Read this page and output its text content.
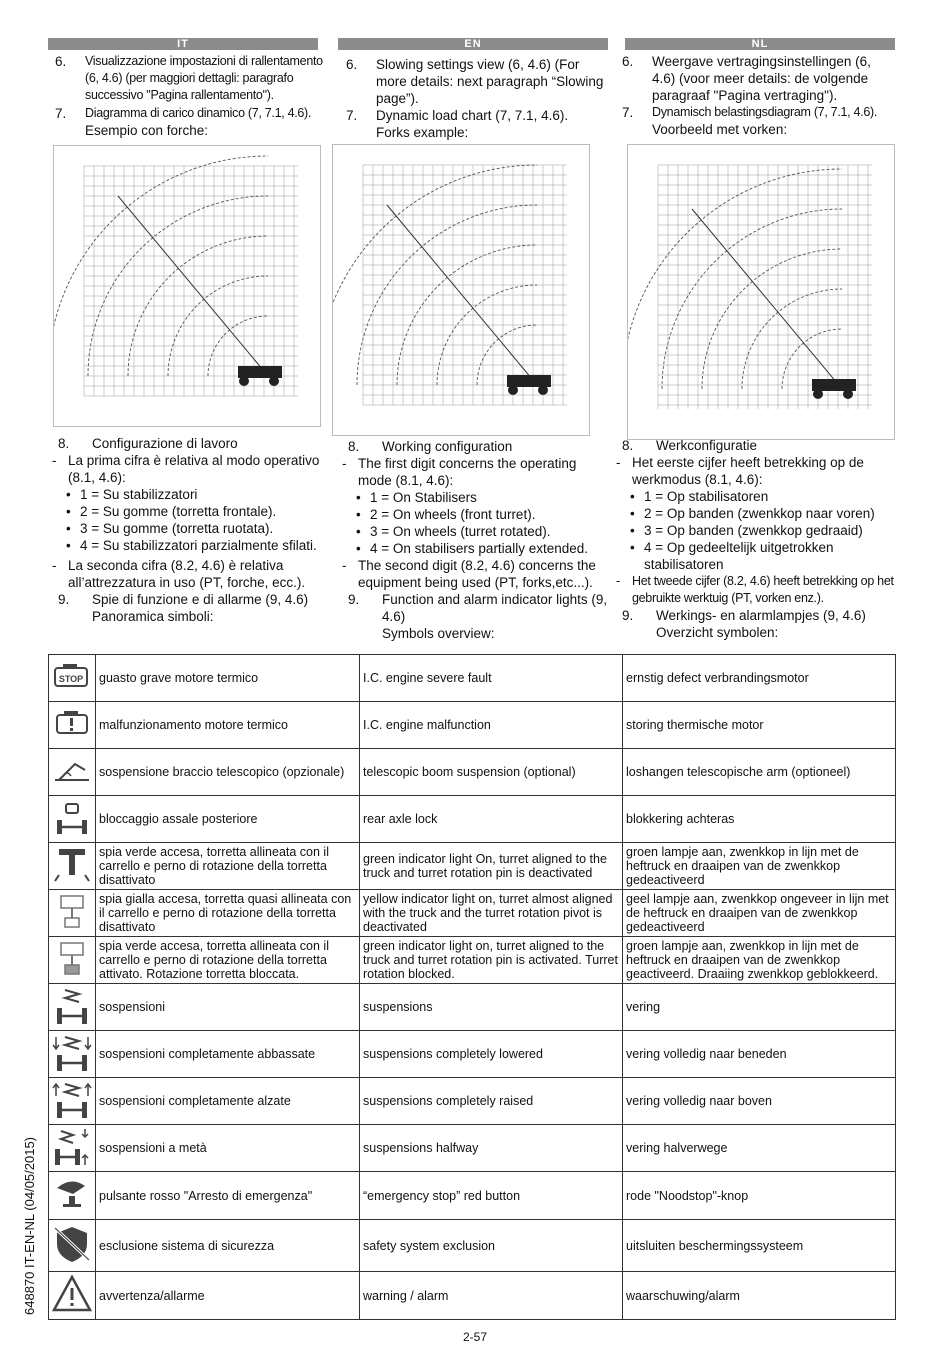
IT	EN	NL
6.	Visualizzazione impostazioni di rallentamento (6, 4.6) (per maggiori dettagli: paragrafo successivo "Pagina rallentamento").
7.	Diagramma di carico dinamico (7, 7.1, 4.6).
Esempio con forche:
6.	Slowing settings view (6, 4.6) (For more details: next paragraph “Slowing page”).
7.	Dynamic load chart (7, 7.1, 4.6).
Forks example:
6.	Weergave vertragingsinstellingen (6, 4.6) (voor meer details: de volgende paragraaf "Pagina vertraging").
7.	Dynamisch belastingsdiagram (7, 7.1, 4.6).
Voorbeeld met vorken:
8.	Configurazione di lavoro
- La prima cifra è relativa al modo operativo (8.1, 4.6):
• 1 = Su stabilizzatori
• 2 = Su gomme (torretta frontale).
• 3 = Su gomme (torretta ruotata).
• 4 = Su stabilizzatori parzialmente sfilati.
- La seconda cifra (8.2, 4.6) è relativa all’attrezzatura in uso (PT, forche, ecc.).
9.	Spie di funzione e di allarme (9, 4.6)
Panoramica simboli:
8.	Working configuration
- The first digit concerns the operating mode (8.1, 4.6):
• 1 = On Stabilisers
• 2 = On wheels (front turret).
• 3 = On wheels (turret rotated).
• 4 = On stabilisers partially extended.
- The second digit (8.2, 4.6) concerns the equipment being used (PT, forks,etc...).
9.	Function and alarm indicator lights (9, 4.6)
Symbols overview:
8.	Werkconfiguratie
- Het eerste cijfer heeft betrekking op de werkmodus (8.1, 4.6):
• 1 = Op stabilisatoren
• 2 = Op banden (zwenkkop naar voren)
• 3 = Op banden (zwenkkop gedraaid)
• 4 = Op gedeeltelijk uitgetrokken stabilisatoren
- Het tweede cijfer (8.2, 4.6) heeft betrekking op het gebruikte werktuig (PT, vorken enz.).
9.	Werkings- en alarmlampjes (9, 4.6)
Overzicht symbolen:
STOP	guasto grave motore termico	I.C. engine severe fault	ernstig defect verbrandingsmotor
	malfunzionamento motore termico	I.C. engine malfunction	storing thermische motor
	sospensione braccio telescopico (opzionale)	telescopic boom suspension (optional)	loshangen telescopische arm (optioneel)
	bloccaggio assale posteriore	rear axle lock	blokkering achteras
	spia verde accesa, torretta allineata con il carrello e perno di rotazione della torretta disattivato	green indicator light On, turret aligned to the truck and turret rotation pin is deactivated	groen lampje aan, zwenkkop in lijn met de heftruck en draaipen van de zwenkkop gedeactiveerd
	spia gialla accesa, torretta quasi allineata con il carrello e perno di rotazione della torretta disattivato	yellow indicator light on, turret almost aligned with the truck and the turret rotation pivot is deactivated	geel lampje aan, zwenkkop ongeveer in lijn met de heftruck en draaipen van de zwenkkop gedeactiveerd
	spia verde accesa, torretta allineata con il carrello e perno di rotazione della torretta attivato. Rotazione torretta bloccata.	green indicator light on, turret aligned to the truck and turret rotation pin is activated. Turret rotation blocked.	groen lampje aan, zwenkkop in lijn met de heftruck en draaipen van de zwenkkop geactiveerd. Draaiing zwenkkop geblokkeerd.
	sospensioni	suspensions	vering
	sospensioni completamente abbassate	suspensions completely lowered	vering volledig naar beneden
	sospensioni completamente alzate	suspensions completely raised	vering volledig naar boven
	sospensioni a metà	suspensions halfway	vering halverwege
	pulsante rosso "Arresto di emergenza"	“emergency stop” red button	rode "Noodstop"-knop
	esclusione sistema di sicurezza	safety system exclusion	uitsluiten beschermingssysteem
	avvertenza/allarme	warning / alarm	waarschuwing/alarm
648870 IT-EN-NL (04/05/2015)
2-57
